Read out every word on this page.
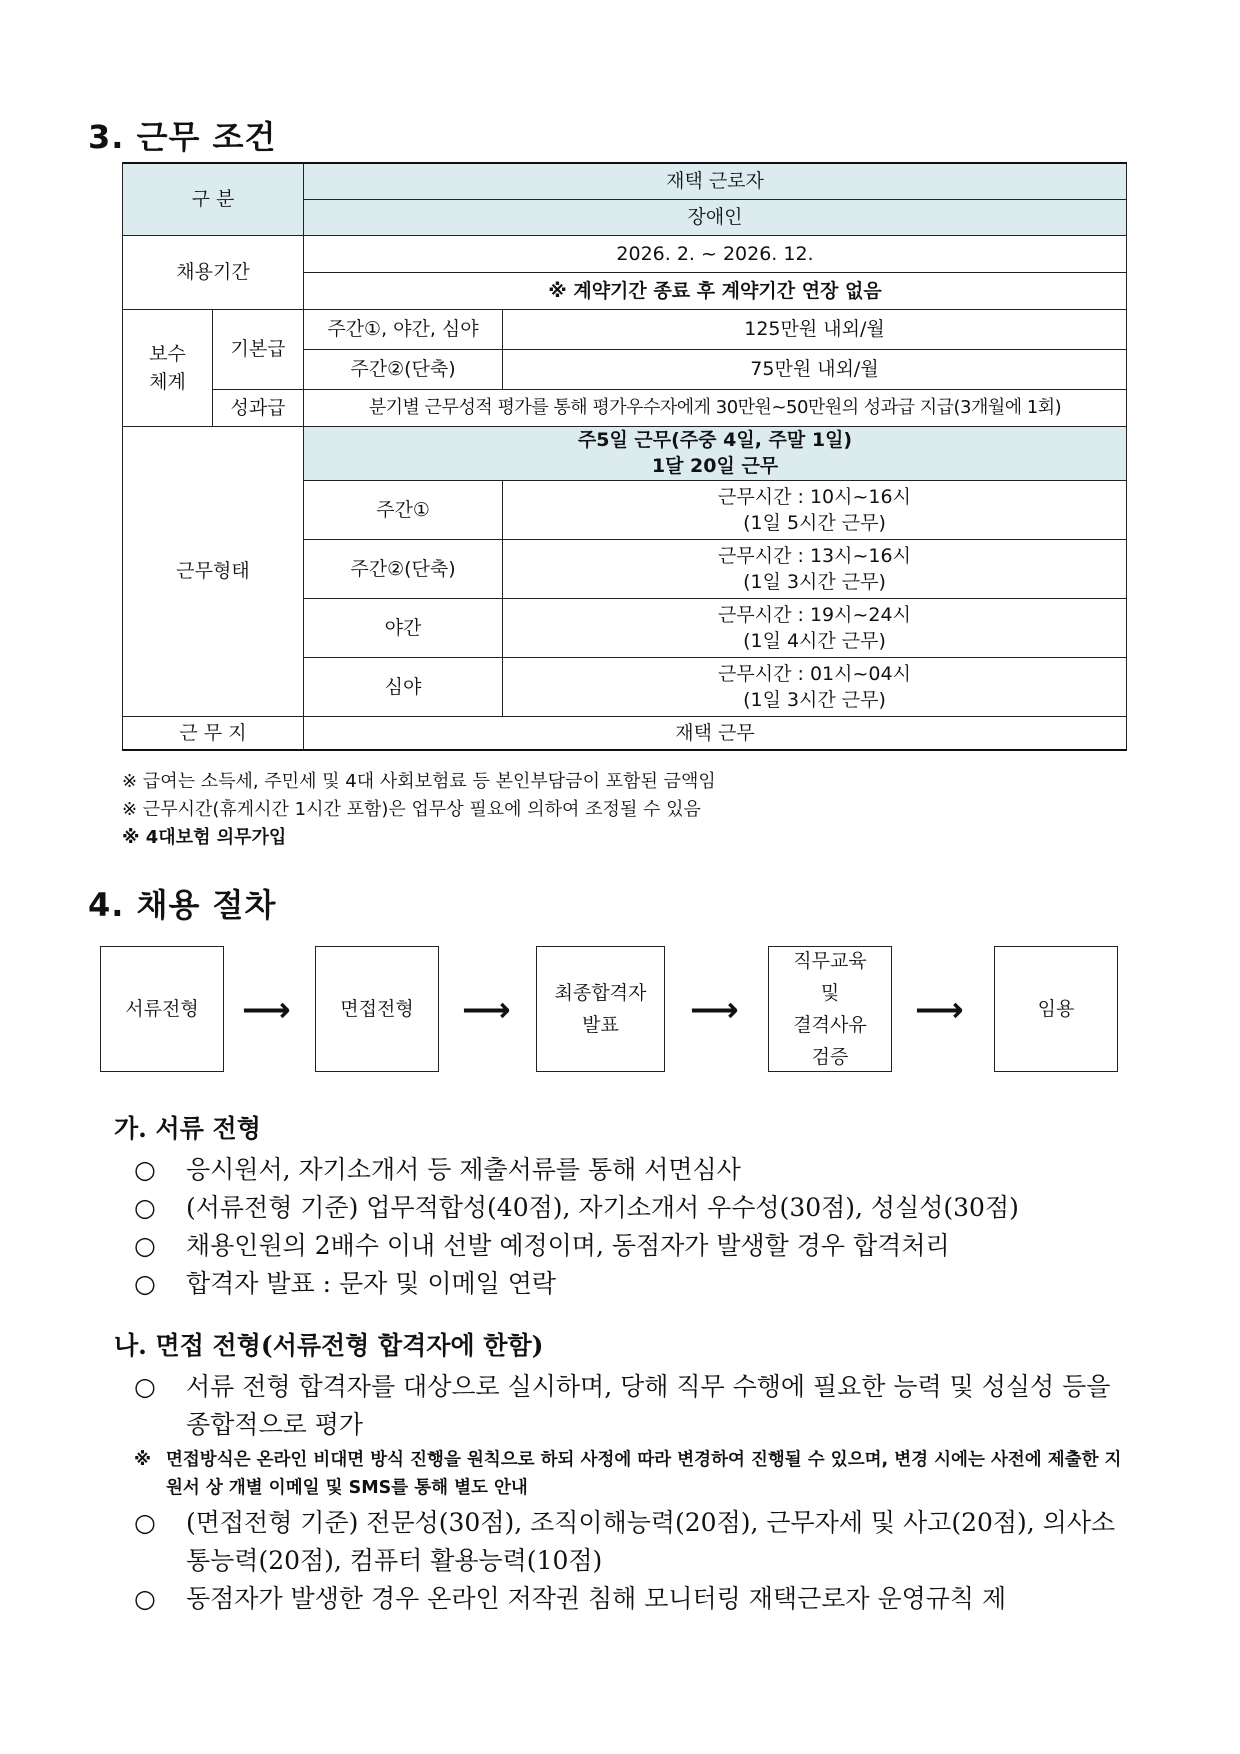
3. 근무 조건
구 분		재택 근로자	
		장애인	
채용기간		2026. 2. ~ 2026. 12.	
		※ 계약기간 종료 후 계약기간 연장 없음	
보수
체계	기본급	주간①, 야간, 심야	125만원 내외/월
		주간②(단축)	75만원 내외/월
	성과급	분기별 근무성적 평가를 통해 평가우수자에게 30만원~50만원의 성과급 지급(3개월에 1회)	
근무형태		주5일 근무(주중 4일, 주말 1일)
1달 20일 근무	

		주간①	근무시간 : 10시~16시
(1일 5시간 근무)

		주간②(단축)	근무시간 : 13시~16시
(1일 3시간 근무)

		야간	근무시간 : 19시~24시
(1일 4시간 근무)

		심야	근무시간 : 01시~04시
(1일 3시간 근무)

근 무 지		재택 근무	
※ 급여는 소득세, 주민세 및 4대 사회보험료 등 본인부담금이 포함된 금액임
※ 근무시간(휴게시간 1시간 포함)은 업무상 필요에 의하여 조정될 수 있음
※ 4대보험 의무가입
4. 채용 절차
서류전형 ⟶	면접전형 ⟶ 최종합격자
발표	⟶
직무교육
및
결격사유
검증
⟶	임용
가. 서류 전형

○ 응시원서, 자기소개서 등 제출서류를 통해 서면심사

○ (서류전형 기준) 업무적합성(40점), 자기소개서 우수성(30점), 성실성(30점)

○ 채용인원의 2배수 이내 선발 예정이며, 동점자가 발생할 경우 합격처리

○ 합격자 발표 : 문자 및 이메일 연락

나. 면접 전형(서류전형 합격자에 한함)

○ 서류 전형 합격자를 대상으로 실시하며, 당해 직무 수행에 필요한 능력 및 성실성 등을 종합적으로 평가

※ 면접방식은 온라인 비대면 방식 진행을 원칙으로 하되 사정에 따라 변경하여 진행될 수 있으며, 변경 시에는 사전에 제출한 지원서 상 개별 이메일 및 SMS를 통해 별도 안내

○ (면접전형 기준) 전문성(30점), 조직이해능력(20점), 근무자세 및 사고(20점), 의사소통능력(20점), 컴퓨터 활용능력(10점)

○ 동점자가 발생한 경우 온라인 저작권 침해 모니터링 재택근로자 운영규칙 제
